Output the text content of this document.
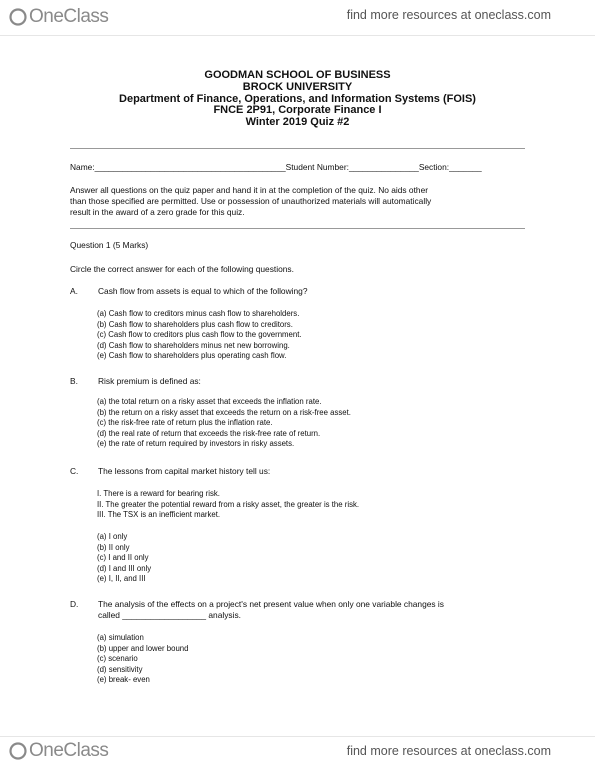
OneClass	find more resources at oneclass.com
GOODMAN SCHOOL OF BUSINESS
BROCK UNIVERSITY
Department of Finance, Operations, and Information Systems (FOIS)
FNCE 2P91, Corporate Finance I
Winter 2019 Quiz #2
Name:_________________________________________Student Number:_______________Section:_______
Answer all questions on the quiz paper and hand it in at the completion of the quiz. No aids other
than those specified are permitted. Use or possession of unauthorized materials will automatically
result in the award of a zero grade for this quiz.
Question 1 (5 Marks)
Circle the correct answer for each of the following questions.
A. Cash flow from assets is equal to which of the following?
(a) Cash flow to creditors minus cash flow to shareholders.
(b) Cash flow to shareholders plus cash flow to creditors.
(c) Cash flow to creditors plus cash flow to the government.
(d) Cash flow to shareholders minus net new borrowing.
(e) Cash flow to shareholders plus operating cash flow.
B. Risk premium is defined as:
(a) the total return on a risky asset that exceeds the inflation rate.
(b) the return on a risky asset that exceeds the return on a risk-free asset.
(c) the risk-free rate of return plus the inflation rate.
(d) the real rate of return that exceeds the risk-free rate of return.
(e) the rate of return required by investors in risky assets.
C. The lessons from capital market history tell us:
I. There is a reward for bearing risk.
II. The greater the potential reward from a risky asset, the greater is the risk.
III. The TSX is an inefficient market.
(a) I only
(b) II only
(c) I and II only
(d) I and III only
(e) I, II, and III
D. The analysis of the effects on a project's net present value when only one variable changes is
called __________________ analysis.
(a) simulation
(b) upper and lower bound
(c) scenario
(d) sensitivity
(e) break- even
OneClass	find more resources at oneclass.com
